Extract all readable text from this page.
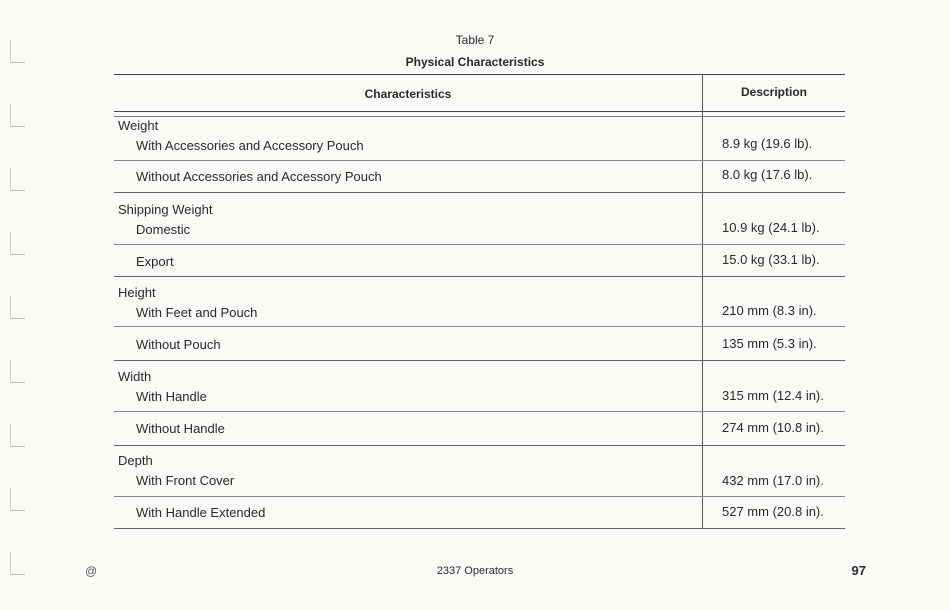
Table 7
Physical Characteristics
Characteristics	Description
Weight
With Accessories and Accessory Pouch	8.9 kg (19.6 lb).
Without Accessories and Accessory Pouch	8.0 kg (17.6 lb).
Shipping Weight
Domestic	10.9 kg (24.1 lb).
Export	15.0 kg (33.1 lb).
Height
With Feet and Pouch	210 mm (8.3 in).
Without Pouch	135 mm (5.3 in).
Width
With Handle	315 mm (12.4 in).
Without Handle	274 mm (10.8 in).
Depth
With Front Cover	432 mm (17.0 in).
With Handle Extended	527 mm (20.8 in).
@	2337 Operators	97
